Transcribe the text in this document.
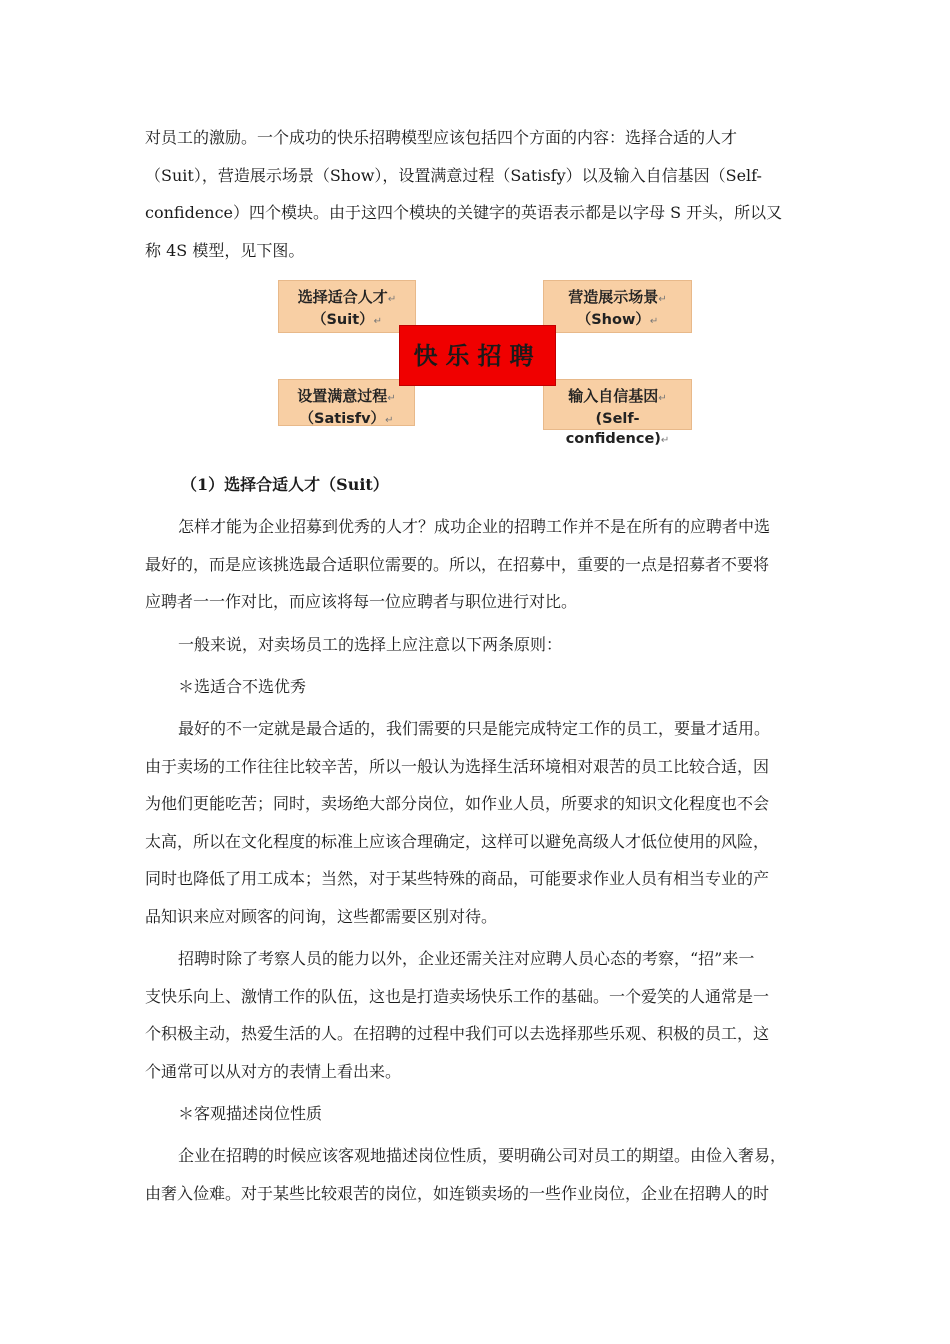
对员工的激励。一个成功的快乐招聘模型应该包括四个方面的内容：选择合适的人才
（Suit），营造展示场景（Show），设置满意过程（Satisfy）以及输入自信基因（Self-
confidence）四个模块。由于这四个模块的关键字的英语表示都是以字母 S 开头，所以又
称 4S 模型，见下图。
选择适合人才↵
（Suit）↵
营造展示场景↵
（Show）↵
设置满意过程↵
（Satisfv）↵
输入自信基因↵
(Self-confidence)↵
快乐招聘
（1）选择合适人才（Suit）
怎样才能为企业招募到优秀的人才？成功企业的招聘工作并不是在所有的应聘者中选
最好的，而是应该挑选最合适职位需要的。所以，在招募中，重要的一点是招募者不要将
应聘者一一作对比，而应该将每一位应聘者与职位进行对比。
一般来说，对卖场员工的选择上应注意以下两条原则：
＊选适合不选优秀
最好的不一定就是最合适的，我们需要的只是能完成特定工作的员工，要量才适用。
由于卖场的工作往往比较辛苦，所以一般认为选择生活环境相对艰苦的员工比较合适，因
为他们更能吃苦；同时，卖场绝大部分岗位，如作业人员，所要求的知识文化程度也不会
太高，所以在文化程度的标准上应该合理确定，这样可以避免高级人才低位使用的风险，
同时也降低了用工成本；当然，对于某些特殊的商品，可能要求作业人员有相当专业的产
品知识来应对顾客的问询，这些都需要区别对待。
招聘时除了考察人员的能力以外，企业还需关注对应聘人员心态的考察，“招”来一
支快乐向上、激情工作的队伍，这也是打造卖场快乐工作的基础。一个爱笑的人通常是一
个积极主动，热爱生活的人。在招聘的过程中我们可以去选择那些乐观、积极的员工，这
个通常可以从对方的表情上看出来。
＊客观描述岗位性质
企业在招聘的时候应该客观地描述岗位性质，要明确公司对员工的期望。由俭入奢易，
由奢入俭难。对于某些比较艰苦的岗位，如连锁卖场的一些作业岗位，企业在招聘人的时
